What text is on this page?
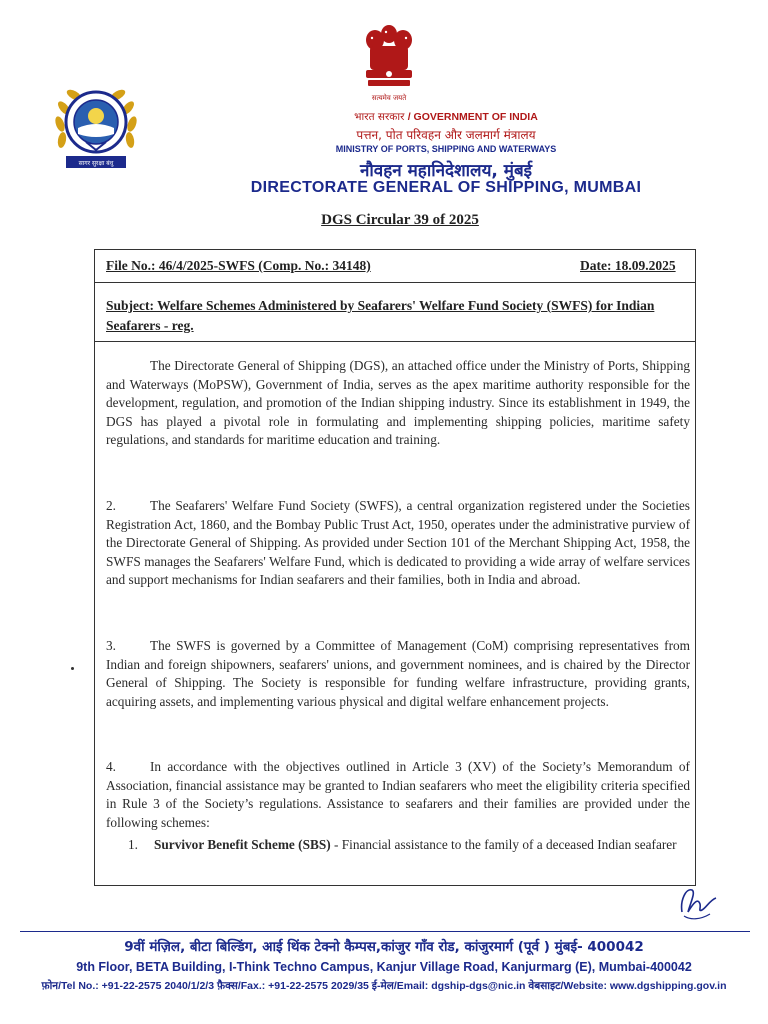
सत्यमेव जयते
सागर सुरक्षा बंधु
भारत सरकार / GOVERNMENT OF INDIA
पत्तन, पोत परिवहन और जलमार्ग मंत्रालय
MINISTRY OF PORTS, SHIPPING AND WATERWAYS
नौवहन महानिदेशालय, मुंबई
DIRECTORATE GENERAL OF SHIPPING, MUMBAI
DGS Circular 39 of 2025
File No.: 46/4/2025-SWFS (Comp. No.: 34148)	Date: 18.09.2025
Subject: Welfare Schemes Administered by Seafarers' Welfare Fund Society (SWFS) for Indian Seafarers - reg.
The Directorate General of Shipping (DGS), an attached office under the Ministry of Ports, Shipping and Waterways (MoPSW), Government of India, serves as the apex maritime authority responsible for the development, regulation, and promotion of the Indian shipping industry. Since its establishment in 1949, the DGS has played a pivotal role in formulating and implementing shipping policies, maritime safety regulations, and standards for maritime education and training.
2.	The Seafarers' Welfare Fund Society (SWFS), a central organization registered under the Societies Registration Act, 1860, and the Bombay Public Trust Act, 1950, operates under the administrative purview of the Directorate General of Shipping. As provided under Section 101 of the Merchant Shipping Act, 1958, the SWFS manages the Seafarers' Welfare Fund, which is dedicated to providing a wide array of welfare services and support mechanisms for Indian seafarers and their families, both in India and abroad.
3.	The SWFS is governed by a Committee of Management (CoM) comprising representatives from Indian and foreign shipowners, seafarers' unions, and government nominees, and is chaired by the Director General of Shipping. The Society is responsible for funding welfare infrastructure, providing grants, acquiring assets, and implementing various physical and digital welfare enhancement projects.
4.	In accordance with the objectives outlined in Article 3 (XV) of the Society’s Memorandum of Association, financial assistance may be granted to Indian seafarers who meet the eligibility criteria specified in Rule 3 of the Society’s regulations. Assistance to seafarers and their families are provided under the following schemes:
1. Survivor Benefit Scheme (SBS) - Financial assistance to the family of a deceased Indian seafarer
9वीं मंज़िल, बीटा बिल्डिंग, आई थिंक टेक्नो कैम्पस,कांजुर गाँव रोड, कांजुरमार्ग (पूर्व ) मुंबई- 400042
9th Floor, BETA Building, I-Think Techno Campus, Kanjur Village Road, Kanjurmarg (E), Mumbai-400042
फ़ोन/Tel No.: +91-22-2575 2040/1/2/3 फ़ैक्स/Fax.: +91-22-2575 2029/35 ई-मेल/Email: dgship-dgs@nic.in वेबसाइट/Website: www.dgshipping.gov.in
